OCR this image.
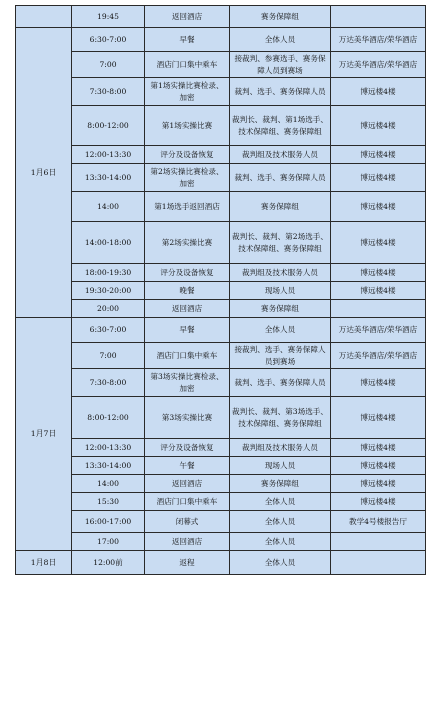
	19:45	返回酒店	赛务保障组	
1月6日	6:30-7:00	早餐	全体人员	万达美华酒店/荣华酒店
	7:00	酒店门口集中乘车	接裁判、参赛选手、赛务保障人员到赛场	万达美华酒店/荣华酒店
	7:30-8:00	第1场实操比赛检录、加密	裁判、选手、赛务保障人员	博远楼4楼
	8:00-12:00	第1场实操比赛	裁判长、裁判、第1场选手、技术保障组、赛务保障组	博远楼4楼
	12:00-13:30	评分及设备恢复	裁判组及技术服务人员	博远楼4楼
	13:30-14:00	第2场实操比赛检录、加密	裁判、选手、赛务保障人员	博远楼4楼
	14:00	第1场选手返回酒店	赛务保障组	博远楼4楼
	14:00-18:00	第2场实操比赛	裁判长、裁判、第2场选手、技术保障组、赛务保障组	博远楼4楼
	18:00-19:30	评分及设备恢复	裁判组及技术服务人员	博远楼4楼
	19:30-20:00	晚餐	现场人员	博远楼4楼
	20:00	返回酒店	赛务保障组	
1月7日	6:30-7:00	早餐	全体人员	万达美华酒店/荣华酒店
	7:00	酒店门口集中乘车	接裁判、选手、赛务保障人员到赛场	万达美华酒店/荣华酒店
	7:30-8:00	第3场实操比赛检录、加密	裁判、选手、赛务保障人员	博远楼4楼
	8:00-12:00	第3场实操比赛	裁判长、裁判、第3场选手、技术保障组、赛务保障组	博远楼4楼
	12:00-13:30	评分及设备恢复	裁判组及技术服务人员	博远楼4楼
	13:30-14:00	午餐	现场人员	博远楼4楼
	14:00	返回酒店	赛务保障组	博远楼4楼
	15:30	酒店门口集中乘车	全体人员	博远楼4楼
	16:00-17:00	闭幕式	全体人员	教学4号楼报告厅
	17:00	返回酒店	全体人员	
1月8日	12:00前	返程	全体人员	
